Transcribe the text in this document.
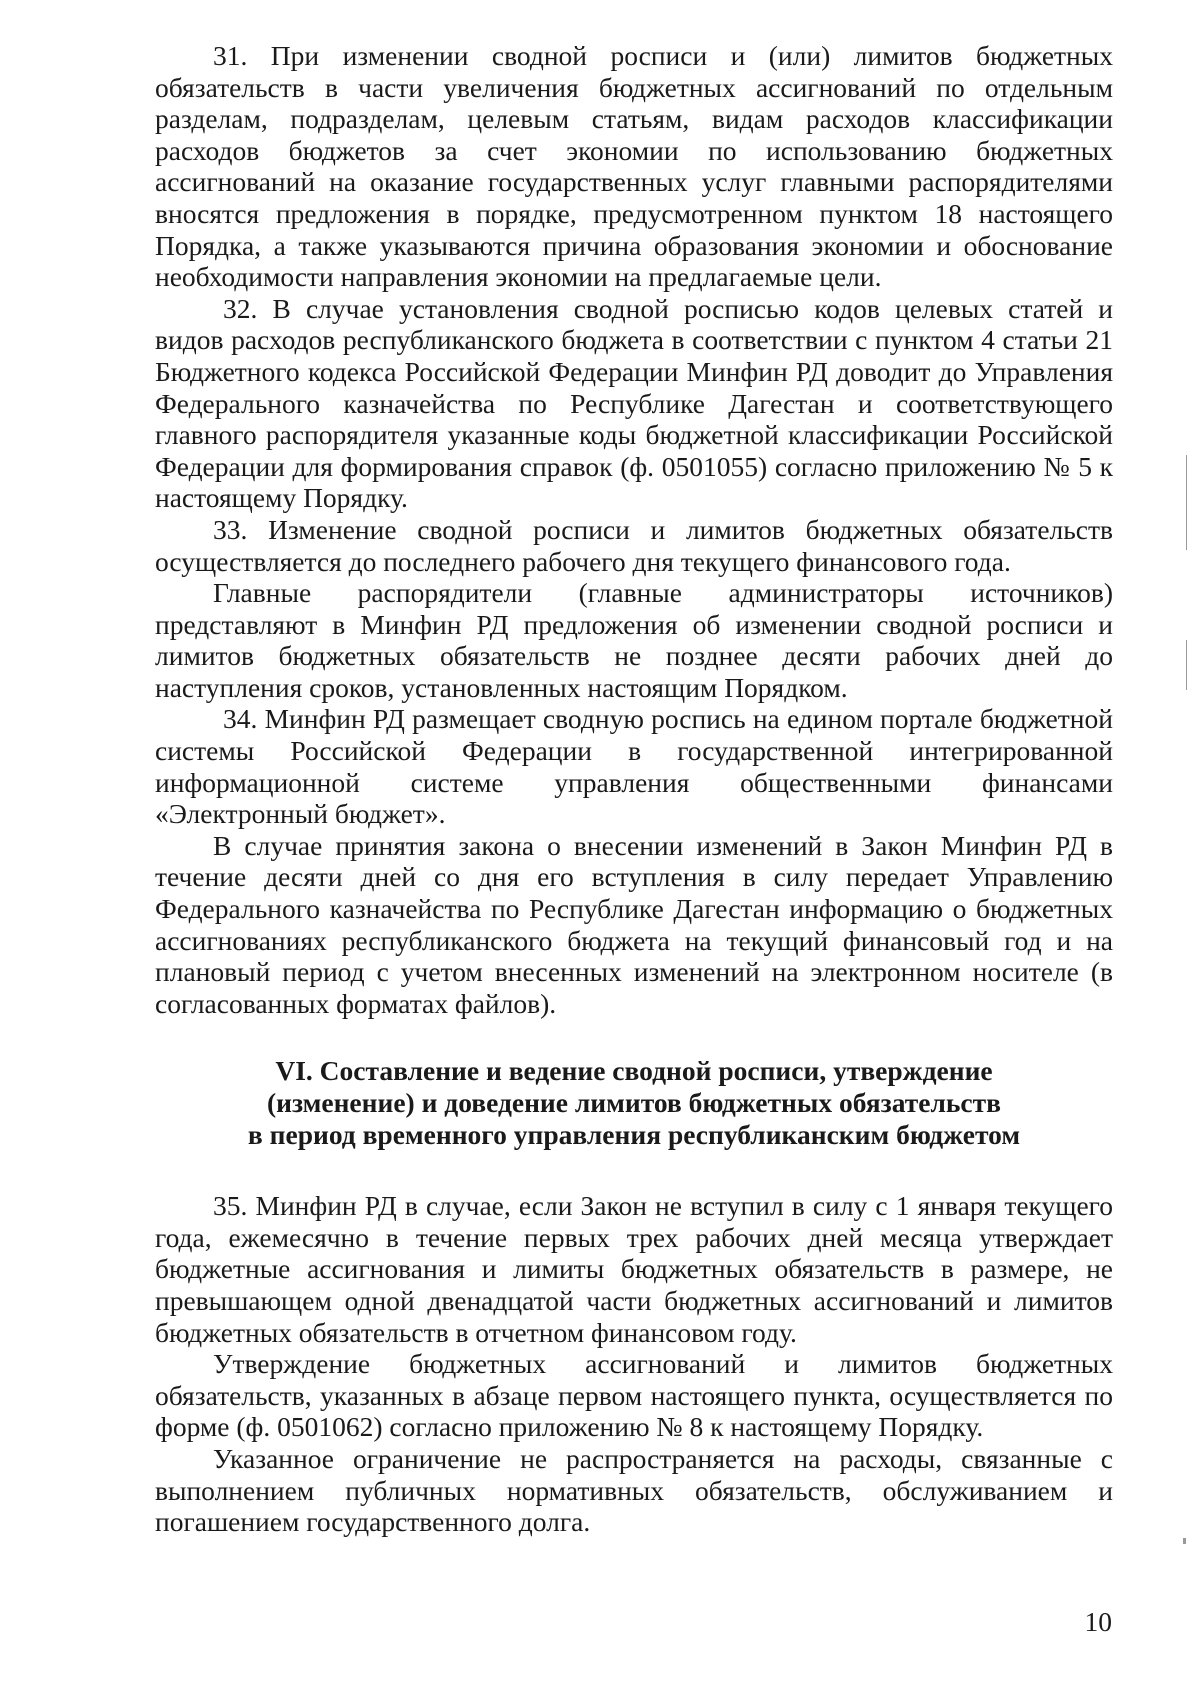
31. При изменении сводной росписи и (или) лимитов бюджетных обязательств в части увеличения бюджетных ассигнований по отдельным разделам, подразделам, целевым статьям, видам расходов классификации расходов бюджетов за счет экономии по использованию бюджетных ассигнований на оказание государственных услуг главными распорядителями вносятся предложения в порядке, предусмотренном пунктом 18 настоящего Порядка, а также указываются причина образования экономии и обоснование необходимости направления экономии на предлагаемые цели.

32. В случае установления сводной росписью кодов целевых статей и видов расходов республиканского бюджета в соответствии с пунктом 4 статьи 21 Бюджетного кодекса Российской Федерации Минфин РД доводит до Управления Федерального казначейства по Республике Дагестан и соответствующего главного распорядителя указанные коды бюджетной классификации Российской Федерации для формирования справок (ф. 0501055) согласно приложению № 5 к настоящему Порядку.

33. Изменение сводной росписи и лимитов бюджетных обязательств осуществляется до последнего рабочего дня текущего финансового года.

Главные распорядители (главные администраторы источников) представляют в Минфин РД предложения об изменении сводной росписи и лимитов бюджетных обязательств не позднее десяти рабочих дней до наступления сроков, установленных настоящим Порядком.

34. Минфин РД размещает сводную роспись на едином портале бюджетной системы Российской Федерации в государственной интегрированной информационной системе управления общественными финансами «Электронный бюджет».

В случае принятия закона о внесении изменений в Закон Минфин РД в течение десяти дней со дня его вступления в силу передает Управлению Федерального казначейства по Республике Дагестан информацию о бюджетных ассигнованиях республиканского бюджета на текущий финансовый год и на плановый период с учетом внесенных изменений на электронном носителе (в согласованных форматах файлов).

VI. Составление и ведение сводной росписи, утверждение
(изменение) и доведение лимитов бюджетных обязательств
в период временного управления республиканским бюджетом

35. Минфин РД в случае, если Закон не вступил в силу с 1 января текущего года, ежемесячно в течение первых трех рабочих дней месяца утверждает бюджетные ассигнования и лимиты бюджетных обязательств в размере, не превышающем одной двенадцатой части бюджетных ассигнований и лимитов бюджетных обязательств в отчетном финансовом году.

Утверждение бюджетных ассигнований и лимитов бюджетных обязательств, указанных в абзаце первом настоящего пункта, осуществляется по форме (ф. 0501062) согласно приложению № 8 к настоящему Порядку.

Указанное ограничение не распространяется на расходы, связанные с выполнением публичных нормативных обязательств, обслуживанием и погашением государственного долга.

10
